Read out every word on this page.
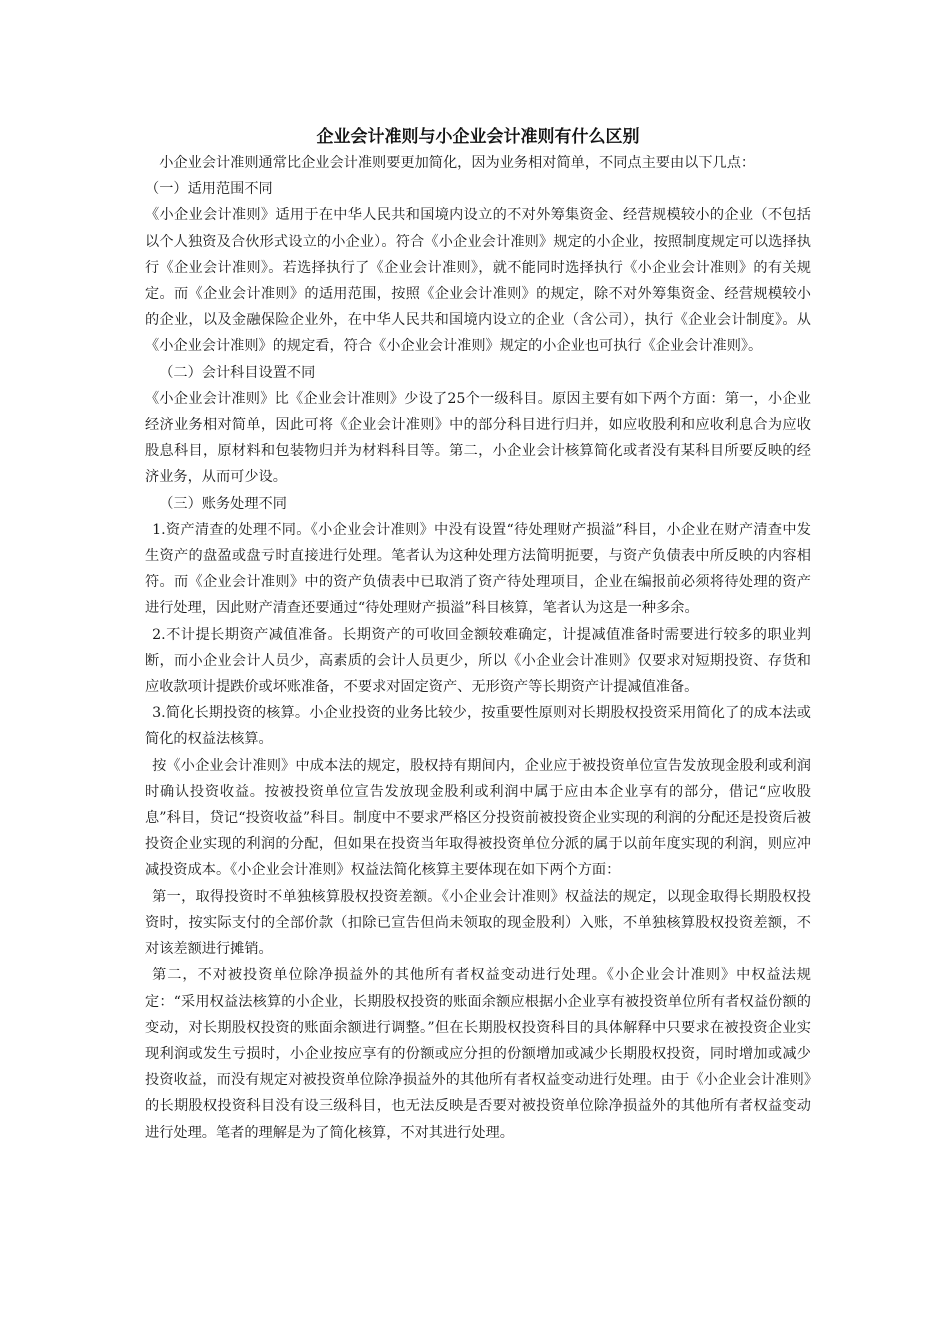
企业会计准则与小企业会计准则有什么区别

小企业会计准则通常比企业会计准则要更加简化，因为业务相对简单，不同点主要由以下几点：

（一）适用范围不同

《小企业会计准则》适用于在中华人民共和国境内设立的不对外筹集资金、经营规模较小的企业（不包括以个人独资及合伙形式设立的小企业）。符合《小企业会计准则》规定的小企业，按照制度规定可以选择执行《企业会计准则》。若选择执行了《企业会计准则》，就不能同时选择执行《小企业会计准则》的有关规定。而《企业会计准则》的适用范围，按照《企业会计准则》的规定，除不对外筹集资金、经营规模较小的企业，以及金融保险企业外，在中华人民共和国境内设立的企业（含公司），执行《企业会计制度》。从《小企业会计准则》的规定看，符合《小企业会计准则》规定的小企业也可执行《企业会计准则》。

（二）会计科目设置不同

《小企业会计准则》比《企业会计准则》少设了25个一级科目。原因主要有如下两个方面：第一，小企业经济业务相对简单，因此可将《企业会计准则》中的部分科目进行归并，如应收股利和应收利息合为应收股息科目，原材料和包装物归并为材料科目等。第二，小企业会计核算简化或者没有某科目所要反映的经济业务，从而可少设。

（三）账务处理不同

1.资产清查的处理不同。《小企业会计准则》中没有设置“待处理财产损溢”科目，小企业在财产清查中发生资产的盘盈或盘亏时直接进行处理。笔者认为这种处理方法简明扼要，与资产负债表中所反映的内容相符。而《企业会计准则》中的资产负债表中已取消了资产待处理项目，企业在编报前必须将待处理的资产进行处理，因此财产清查还要通过“待处理财产损溢”科目核算，笔者认为这是一种多余。

2.不计提长期资产减值准备。长期资产的可收回金额较难确定，计提减值准备时需要进行较多的职业判断，而小企业会计人员少，高素质的会计人员更少，所以《小企业会计准则》仅要求对短期投资、存货和应收款项计提跌价或坏账准备，不要求对固定资产、无形资产等长期资产计提减值准备。

3.简化长期投资的核算。小企业投资的业务比较少，按重要性原则对长期股权投资采用简化了的成本法或简化的权益法核算。

按《小企业会计准则》中成本法的规定，股权持有期间内，企业应于被投资单位宣告发放现金股利或利润时确认投资收益。按被投资单位宣告发放现金股利或利润中属于应由本企业享有的部分，借记“应收股息”科目，贷记“投资收益”科目。制度中不要求严格区分投资前被投资企业实现的利润的分配还是投资后被投资企业实现的利润的分配，但如果在投资当年取得被投资单位分派的属于以前年度实现的利润，则应冲减投资成本。《小企业会计准则》权益法简化核算主要体现在如下两个方面：

第一，取得投资时不单独核算股权投资差额。《小企业会计准则》权益法的规定，以现金取得长期股权投资时，按实际支付的全部价款（扣除已宣告但尚未领取的现金股利）入账，不单独核算股权投资差额，不对该差额进行摊销。

第二，不对被投资单位除净损益外的其他所有者权益变动进行处理。《小企业会计准则》中权益法规定：“采用权益法核算的小企业，长期股权投资的账面余额应根据小企业享有被投资单位所有者权益份额的变动，对长期股权投资的账面余额进行调整。”但在长期股权投资科目的具体解释中只要求在被投资企业实现利润或发生亏损时，小企业按应享有的份额或应分担的份额增加或减少长期股权投资，同时增加或减少投资收益，而没有规定对被投资单位除净损益外的其他所有者权益变动进行处理。由于《小企业会计准则》的长期股权投资科目没有设三级科目，也无法反映是否要对被投资单位除净损益外的其他所有者权益变动进行处理。笔者的理解是为了简化核算，不对其进行处理。
